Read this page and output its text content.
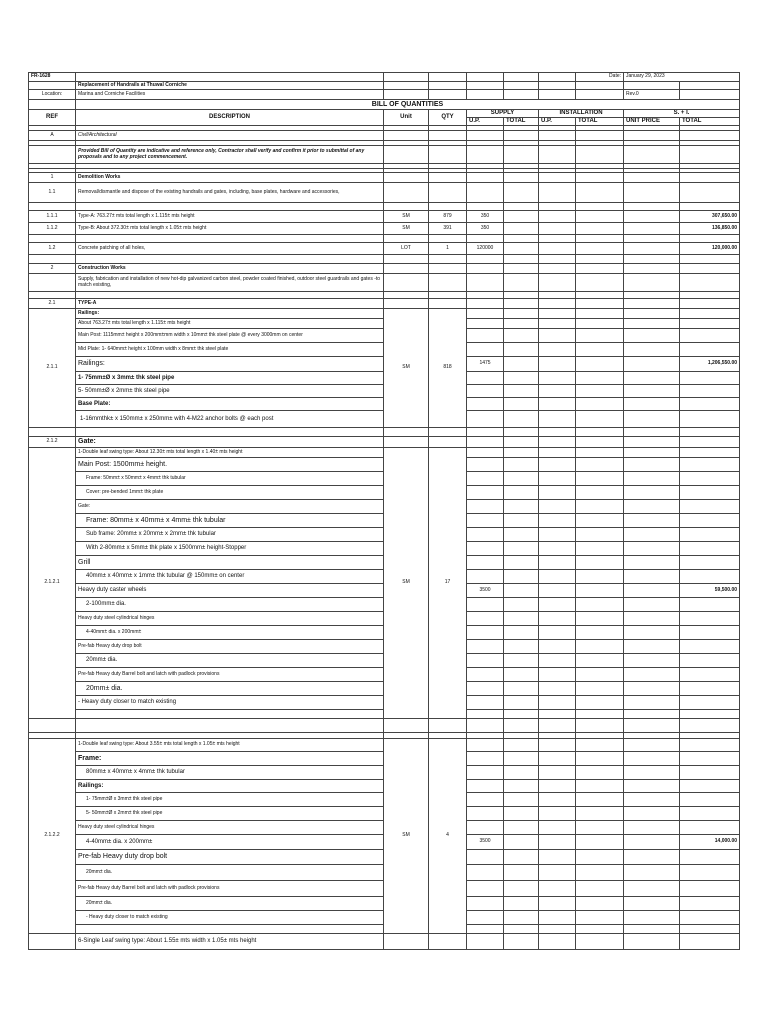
FR-1628							Date:	January 29, 2023	
	Replacement of Handrails at Thuwal Corniche								
Location:	Marina and Corniche Facilities							Rev.0	
	BILL OF QUANTITIES								
REF	DESCRIPTION	Unit	QTY	SUPPLY		INSTALLATION		S. + I.	
				U.P.	TOTAL	U.P.	TOTAL	UNIT PRICE	TOTAL

A	Civil/Architectural								

	Provided Bill of Quantity are indicative and reference only, Contractor shall verify and confirm it prior to submittal of any proposals and to any project commencement.								

1	Demolition Works								
1.1	Removal/dismantle and dispose of the existing handrails and gates, including, base plates, hardware and accessories,								

1.1.1	Type-A: 763.27± mts total length x 1.115± mts height	SM	879	350					307,650.00
1.1.2	Type-B: About 372.30± mts total length x 1.05± mts height	SM	391	350					136,850.00

1.2	Concrete patching of all holes,	LOT	1	120000					120,000.00

2	Construction Works								
	Supply, fabrication and installation of new hot-dip galvanized carbon steel, powder coated finished, outdoor steel guardrails and gates -to match existing,								

2.1	TYPE-A								
2.1.1	Railings:	SM	818						
	About 763.27± mts total length x 1.115± mts height								
	Main Post: 1115mm± height x 200mm±mm width x 10mm± thk steel plate @ every 3000mm on center								
	Mid Plate: 1- 640mm± height x 100mm width x 8mm± thk steel plate								
	Railings:			1475					1,206,550.00
	1- 75mm±Ø x 3mm± thk steel pipe								
	5- 50mm±Ø x 2mm± thk steel pipe								
	Base Plate:								
	1-16mmthk± x 150mm± x 250mm± with 4-M22 anchor bolts @ each post								

2.1.2	Gate:								
2.1.2.1	1-Double leaf swing type: About 12.30± mts total length x 1.40± mts height	SM	17						
	Main Post: 1500mm± height.								
	Frame: 50mm± x 50mm± x 4mm± thk tubular								
	Cover: pre-bended 1mm± thk plate								
	Gate:								
	Frame: 80mm± x 40mm± x 4mm± thk tubular								
	Sub frame: 20mm± x 20mm± x 2mm± thk tubular								
	With 2-80mm± x 5mm± thk plate x 1500mm± height-Stopper								
	Grill								
	40mm± x 40mm± x 1mm± thk tubular @ 150mm± on center								
	Heavy duty caster wheels			3500					59,500.00
	2-100mm± dia.								
	Heavy duty steel cylindrical hinges								
	4-40mm± dia. x 200mm±								
	Pre-fab Heavy duty drop bolt								
	20mm± dia.								
	Pre-fab Heavy duty Barrel bolt and latch with padlock provisions								
	20mm± dia.								
	- Heavy duty closer to match existing								

2.1.2.2	1-Double leaf swing type: About 3.55± mts total length x 1.05± mts height	SM	4						
	Frame:								
	80mm± x 40mm± x 4mm± thk tubular								
	Railings:								
	1- 75mm±Ø x 3mm± thk steel pipe								
	5- 50mm±Ø x 2mm± thk steel pipe								
	Heavy duty steel cylindrical hinges								
	4-40mm± dia. x 200mm±			3500					14,000.00
	Pre-fab Heavy duty drop bolt								
	20mm± dia.								
	Pre-fab Heavy duty Barrel bolt and latch with padlock provisions								
	20mm± dia.								
	- Heavy duty closer to match existing								

	6-Single Leaf swing type: About 1.55± mts width x 1.05± mts height								
